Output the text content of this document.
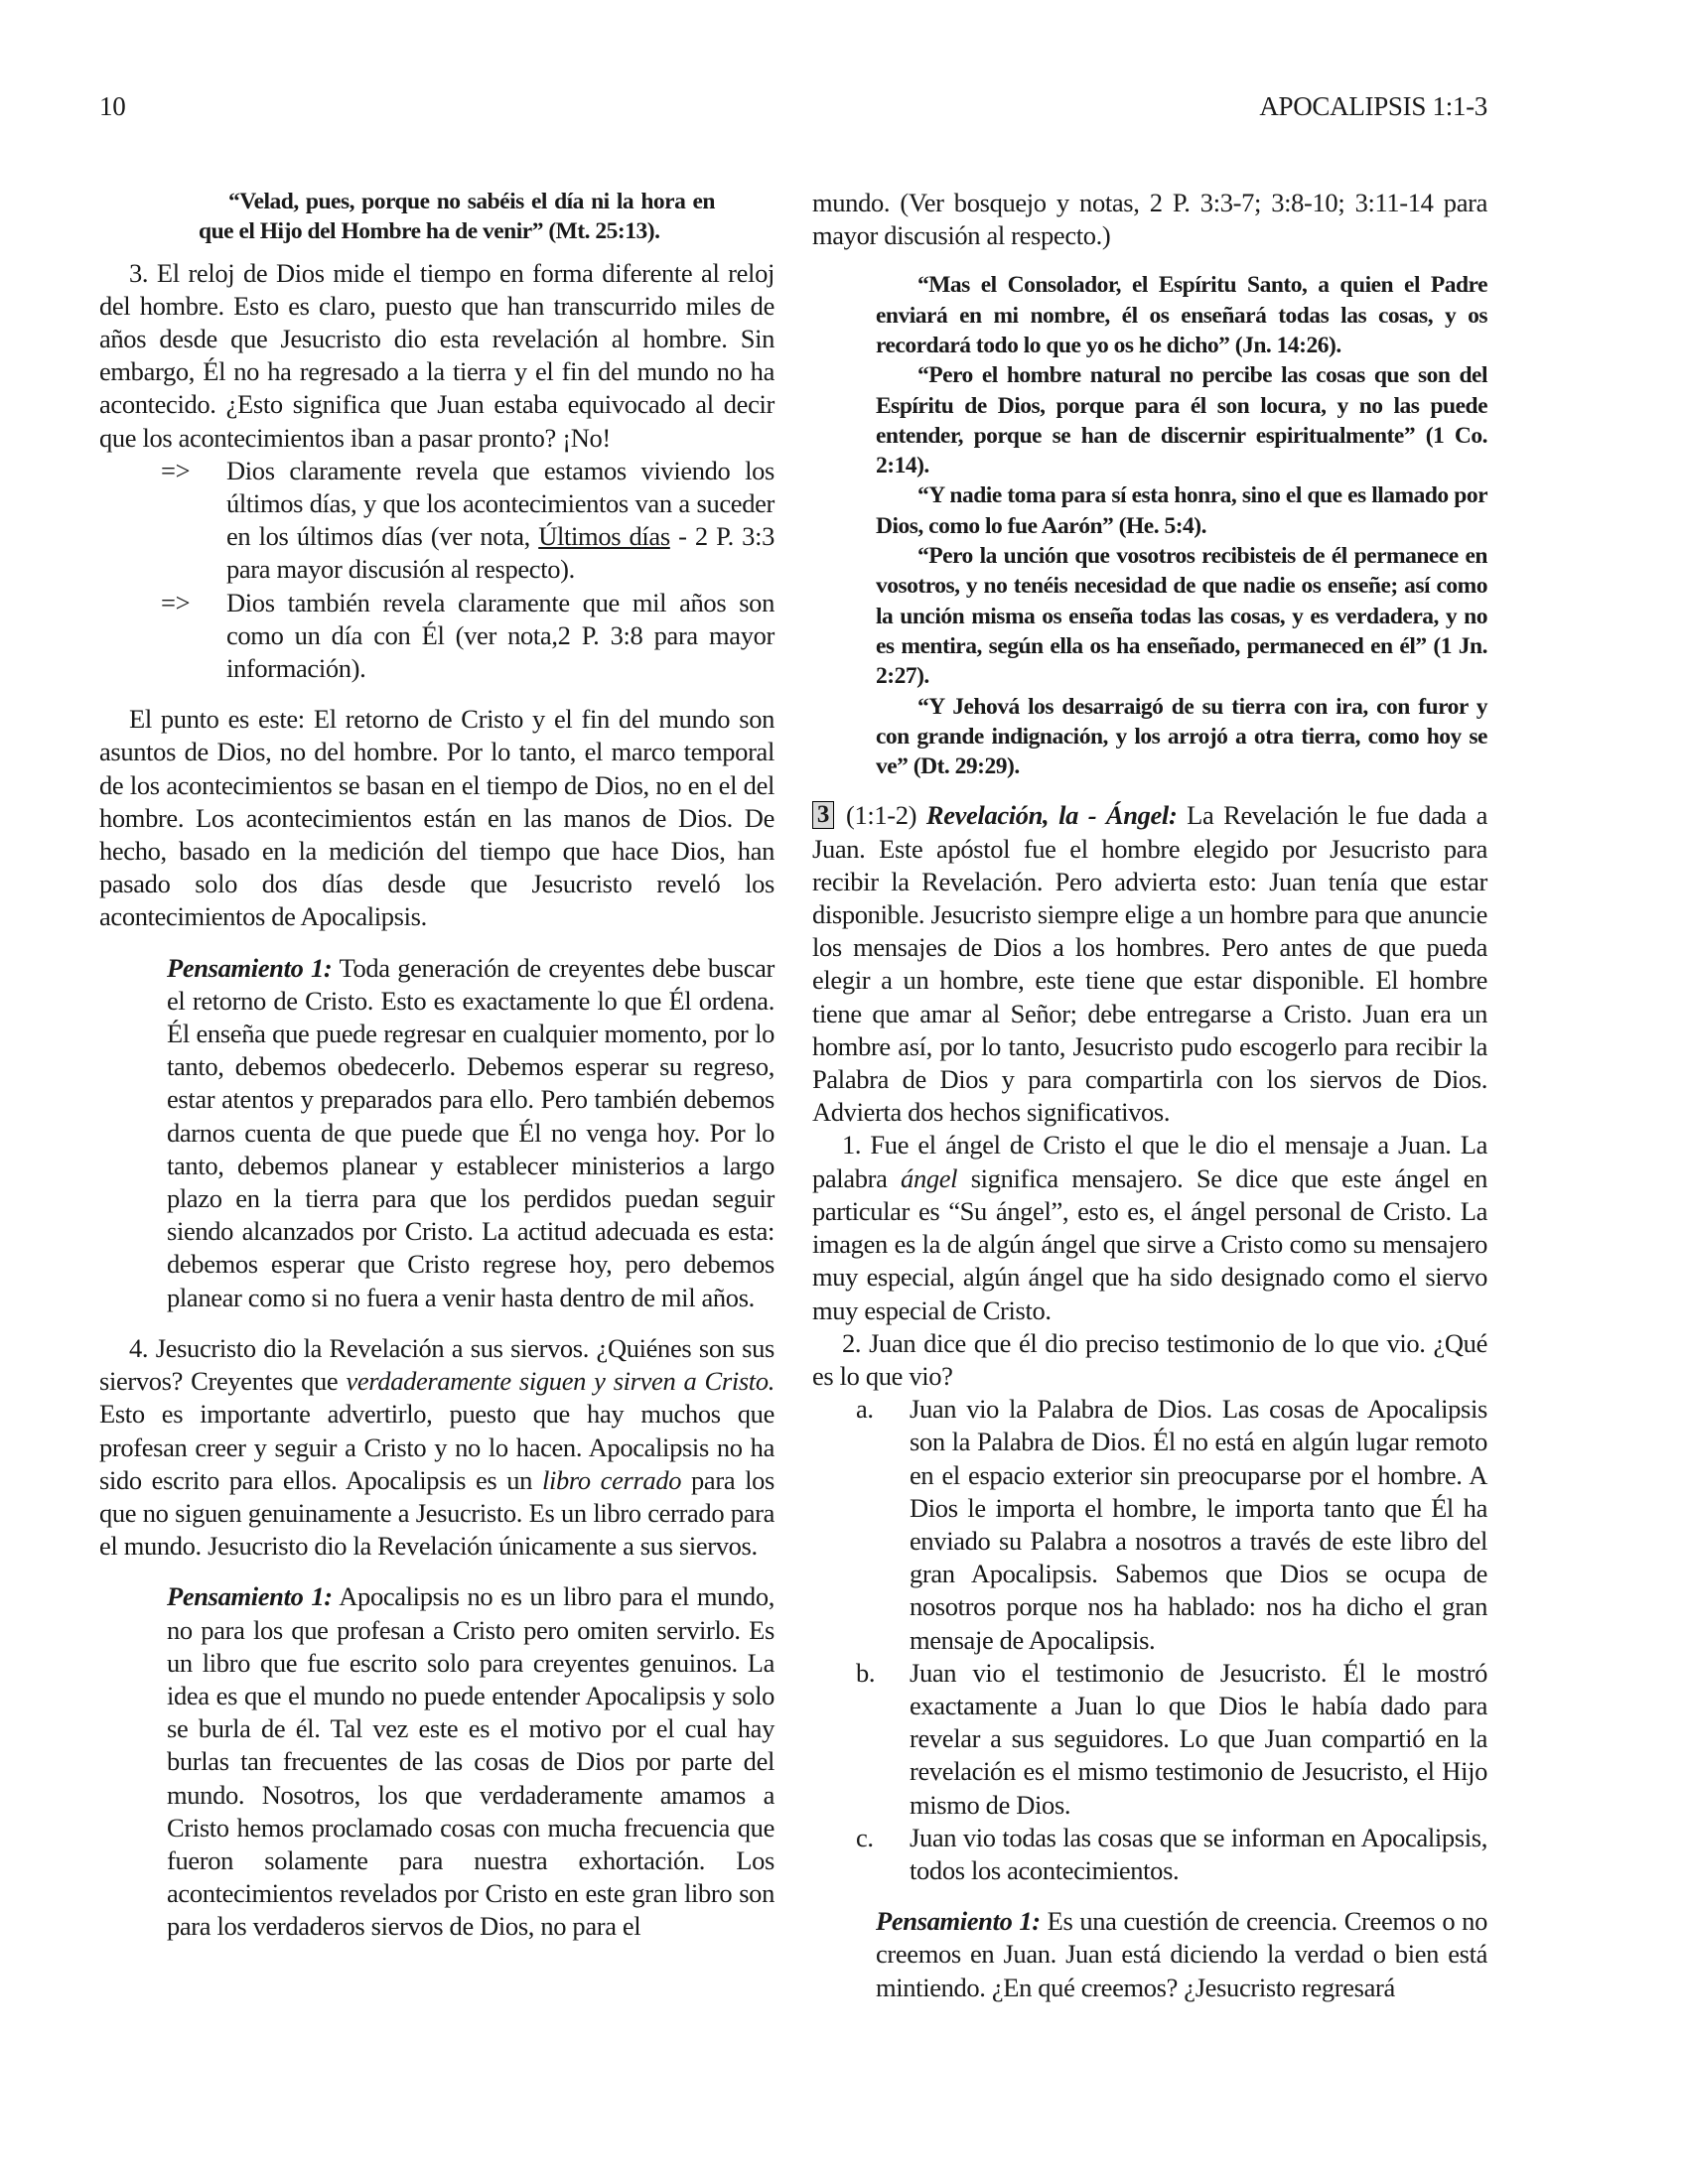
10	APOCALIPSIS 1:1-3

“Velad, pues, porque no sabéis el día ni la hora en que el Hijo del Hombre ha de venir” (Mt. 25:13).

3. El reloj de Dios mide el tiempo en forma diferente al reloj del hombre. Esto es claro, puesto que han transcurrido miles de años desde que Jesucristo dio esta revelación al hombre. Sin embargo, Él no ha regresado a la tierra y el fin del mundo no ha acontecido. ¿Esto significa que Juan estaba equivocado al decir que los acontecimientos iban a pasar pronto? ¡No!

=>	Dios claramente revela que estamos viviendo los últimos días, y que los acontecimientos van a suceder en los últimos días (ver nota, Últimos días - 2 P. 3:3 para mayor discusión al respecto).
=>	Dios también revela claramente que mil años son como un día con Él (ver nota,2 P. 3:8 para mayor información).

El punto es este: El retorno de Cristo y el fin del mundo son asuntos de Dios, no del hombre. Por lo tanto, el marco temporal de los acontecimientos se basan en el tiempo de Dios, no en el del hombre. Los acontecimientos están en las manos de Dios. De hecho, basado en la medición del tiempo que hace Dios, han pasado solo dos días desde que Jesucristo reveló los acontecimientos de Apocalipsis.

Pensamiento 1: Toda generación de creyentes debe buscar el retorno de Cristo. Esto es exactamente lo que Él ordena. Él enseña que puede regresar en cualquier momento, por lo tanto, debemos obedecerlo. Debemos esperar su regreso, estar atentos y preparados para ello. Pero también debemos darnos cuenta de que puede que Él no venga hoy. Por lo tanto, debemos planear y establecer ministerios a largo plazo en la tierra para que los perdidos puedan seguir siendo alcanzados por Cristo. La actitud adecuada es esta: debemos esperar que Cristo regrese hoy, pero debemos planear como si no fuera a venir hasta dentro de mil años.

4. Jesucristo dio la Revelación a sus siervos. ¿Quiénes son sus siervos? Creyentes que verdaderamente siguen y sirven a Cristo. Esto es importante advertirlo, puesto que hay muchos que profesan creer y seguir a Cristo y no lo hacen. Apocalipsis no ha sido escrito para ellos. Apocalipsis es un libro cerrado para los que no siguen genuinamente a Jesucristo. Es un libro cerrado para el mundo. Jesucristo dio la Revelación únicamente a sus siervos.

Pensamiento 1: Apocalipsis no es un libro para el mundo, no para los que profesan a Cristo pero omiten servirlo. Es un libro que fue escrito solo para creyentes genuinos. La idea es que el mundo no puede entender Apocalipsis y solo se burla de él. Tal vez este es el motivo por el cual hay burlas tan frecuentes de las cosas de Dios por parte del mundo. Nosotros, los que verdaderamente amamos a Cristo hemos proclamado cosas con mucha frecuencia que fueron solamente para nuestra exhortación. Los acontecimientos revelados por Cristo en este gran libro son para los verdaderos siervos de Dios, no para el

mundo. (Ver bosquejo y notas, 2 P. 3:3-7; 3:8-10; 3:11-14 para mayor discusión al respecto.)

“Mas el Consolador, el Espíritu Santo, a quien el Padre enviará en mi nombre, él os enseñará todas las cosas, y os recordará todo lo que yo os he dicho” (Jn. 14:26).

“Pero el hombre natural no percibe las cosas que son del Espíritu de Dios, porque para él son locura, y no las puede entender, porque se han de discernir espiritualmente” (1 Co. 2:14).

“Y nadie toma para sí esta honra, sino el que es llamado por Dios, como lo fue Aarón” (He. 5:4).

“Pero la unción que vosotros recibisteis de él permanece en vosotros, y no tenéis necesidad de que nadie os enseñe; así como la unción misma os enseña todas las cosas, y es verdadera, y no es mentira, según ella os ha enseñado, permaneced en él” (1 Jn. 2:27).

“Y Jehová los desarraigó de su tierra con ira, con furor y con grande indignación, y los arrojó a otra tierra, como hoy se ve” (Dt. 29:29).

3 (1:1-2) Revelación, la - Ángel: La Revelación le fue dada a Juan. Este apóstol fue el hombre elegido por Jesucristo para recibir la Revelación. Pero advierta esto: Juan tenía que estar disponible. Jesucristo siempre elige a un hombre para que anuncie los mensajes de Dios a los hombres. Pero antes de que pueda elegir a un hombre, este tiene que estar disponible. El hombre tiene que amar al Señor; debe entregarse a Cristo. Juan era un hombre así, por lo tanto, Jesucristo pudo escogerlo para recibir la Palabra de Dios y para compartirla con los siervos de Dios. Advierta dos hechos significativos.

1. Fue el ángel de Cristo el que le dio el mensaje a Juan. La palabra ángel significa mensajero. Se dice que este ángel en particular es “Su ángel”, esto es, el ángel personal de Cristo. La imagen es la de algún ángel que sirve a Cristo como su mensajero muy especial, algún ángel que ha sido designado como el siervo muy especial de Cristo.

2. Juan dice que él dio preciso testimonio de lo que vio. ¿Qué es lo que vio?

a.	Juan vio la Palabra de Dios. Las cosas de Apocalipsis son la Palabra de Dios. Él no está en algún lugar remoto en el espacio exterior sin preocuparse por el hombre. A Dios le importa el hombre, le importa tanto que Él ha enviado su Palabra a nosotros a través de este libro del gran Apocalipsis. Sabemos que Dios se ocupa de nosotros porque nos ha hablado: nos ha dicho el gran mensaje de Apocalipsis.
b.	Juan vio el testimonio de Jesucristo. Él le mostró exactamente a Juan lo que Dios le había dado para revelar a sus seguidores. Lo que Juan compartió en la revelación es el mismo testimonio de Jesucristo, el Hijo mismo de Dios.
c.	Juan vio todas las cosas que se informan en Apocalipsis, todos los acontecimientos.

Pensamiento 1: Es una cuestión de creencia. Creemos o no creemos en Juan. Juan está diciendo la verdad o bien está mintiendo. ¿En qué creemos? ¿Jesucristo regresará
